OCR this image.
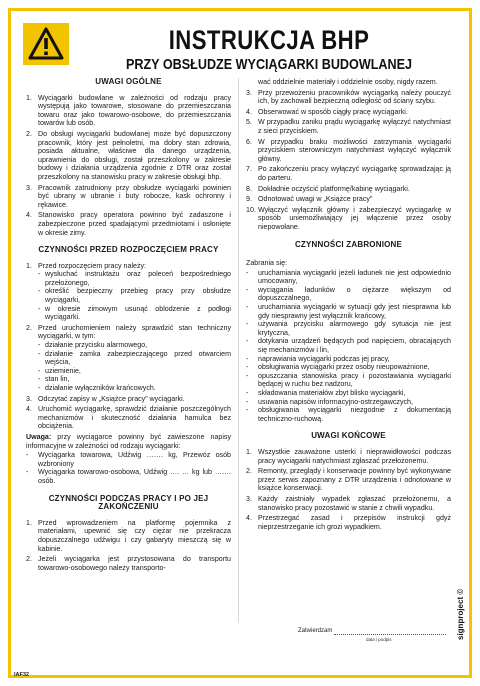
INSTRUKCJA BHP
PRZY OBSŁUDZE WYCIĄGARKI BUDOWLANEJ
UWAGI OGÓLNE
1. Wyciągarki budowlane w zależności od rodzaju pracy występują jako towarowe, stosowane do przemieszczania towaru oraz jako towarowo-osobowe, do przemieszczania towarów lub osób.
2. Do obsługi wyciągarki budowlanej może być dopuszczony pracownik, który jest pełnoletni, ma dobry stan zdrowia, posiada aktualne, właściwe dla danego urządzenia, uprawnienia do obsługi, został przeszkolony w zakresie budowy i działania urządzenia zgodnie z DTR oraz został przeszkolony na stanowisku pracy w zakresie obsługi bhp.
3. Pracownik zatrudniony przy obsłudze wyciągarki powinien być ubrany w ubranie i buty robocze, kask ochronny i rękawice.
4. Stanowisko pracy operatora powinno być zadaszone i zabezpieczone przed spadającymi przedmiotami i osłonięte w okresie zimy.
CZYNNOŚCI PRZED ROZPOCZĘCIEM PRACY
1. Przed rozpoczęciem pracy należy:
- wysłuchać instruktażu oraz poleceń bezpośredniego przełożonego,
- określić bezpieczny przebieg pracy przy obsłudze wyciągarki,
- w okresie zimowym usunąć oblodzenie z podłogi wyciągarki.
2. Przed uruchomieniem należy sprawdzić stan techniczny wyciągarki, w tym:
- działanie przycisku alarmowego,
- działanie zamka zabezpieczającego przed otwarciem wejścia,
- uziemienie,
- stan lin,
- działanie wyłączników krańcowych.
3. Odczytać zapisy w „Książce pracy” wyciągarki.
4. Uruchomić wyciągarkę, sprawdzić działanie poszczególnych mechanizmów i skuteczność działania hamulca bez obciążenia.
Uwaga: przy wyciągarce powinny być zawieszone napisy informacyjne w zależności od rodzaju wyciągarki:
-	Wyciągarka towarowa, Udźwig ……. kg, Przewóz osób wzbroniony
-	Wyciągarka towarowo-osobowa, Udźwig …. … kg lub ……. osób.
CZYNNOŚCI PODCZAS PRACY I PO JEJ ZAKOŃCZENIU
1. Przed wprowadzeniem na platformę pojemnika z materiałami, upewnić się czy ciężar nie przekracza dopuszczalnego udźwigu i czy gabaryty mieszczą się w kabinie.
2. Jeżeli wyciągarka jest przystosowana do transportu towarowo-osobowego należy transporto-
wać oddzielnie materiały i oddzielnie osoby, nigdy razem.
3. Przy przewożeniu pracowników wyciągarką należy pouczyć ich, by zachowali bezpieczną odległość od ściany szybu.
4. Obserwować w sposób ciągły pracę wyciągarki.
5. W przypadku zaniku prądu wyciągarkę wyłączyć natychmiast z sieci przyciskiem.
6. W przypadku braku możliwości zatrzymania wyciągarki przyciskiem sterowniczym natychmiast wyłączyć wyłącznik główny.
7. Po zakończeniu pracy wyłączyć wyciągarkę sprowadzając ją do parteru.
8. Dokładnie oczyścić platformę/kabinę wyciągarki.
9. Odnotować uwagi w „Książce pracy”
10. Wyłączyć wyłącznik główny i zabezpieczyć wyciągarkę w sposób uniemożliwiający jej włączenie przez osoby niepowołane.
CZYNNOŚCI ZABRONIONE
Zabrania się:
-	uruchamiania wyciągarki jeżeli ładunek nie jest odpowiednio umocowany,
-	wyciągania ładunków o ciężarze większym od dopuszczalnego,
-	uruchamiania wyciągarki w sytuacji gdy jest niesprawna lub gdy niesprawny jest wyłącznik krańcowy,
-	używania przycisku alarmowego gdy sytuacja nie jest krytyczna,
-	dotykania urządzeń będących pod napięciem, obracających się mechanizmów i lin,
-	naprawiania wyciągarki podczas jej pracy,
-	obsługiwania wyciągarki przez osoby nieupoważnione,
-	opuszczania stanowiska pracy i pozostawiania wyciągarki będącej w ruchu bez nadzoru,
-	składowania materiałów zbyt blisko wyciągarki,
-	usuwania napisów informacyjno-ostrzegawczych,
-	obsługiwania wyciągarki niezgodnie z dokumentacją techniczno-ruchową.
UWAGI KOŃCOWE
1. Wszystkie zauważone usterki i nieprawidłowości podczas pracy wyciągarki natychmiast zgłaszać przełożonemu.
2. Remonty, przeglądy i konserwacje powinny być wykonywane przez serwis zapoznany z DTR urządzenia i odnotowane w książce konserwacji.
3. Każdy zaistniały wypadek zgłaszać przełożonemu, a stanowisko pracy pozostawić w stanie z chwili wypadku.
4. Przestrzegać zasad i przepisów instrukcji gdyż nieprzestrzeganie ich grozi wypadkiem.
Zatwierdzam
data i podpis	signproject ©
IAF32
